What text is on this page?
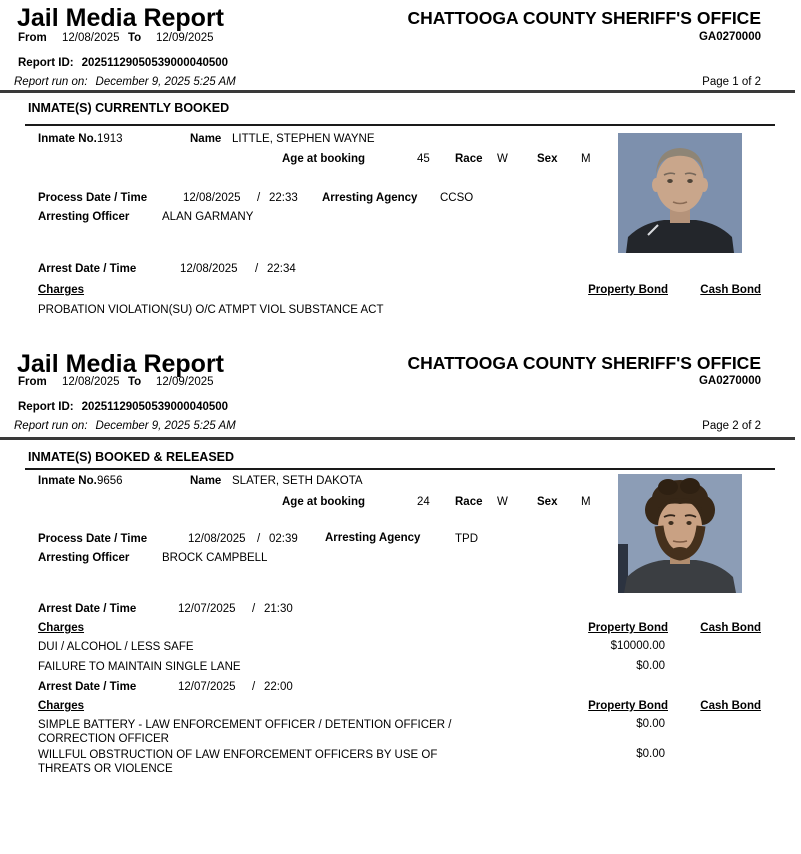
Jail Media Report	CHATTOOGA COUNTY SHERIFF'S OFFICE
From 12/08/2025 To 12/09/2025	GA0270000
Report ID: 20251129050539000040500
Report run on: December 9, 2025 5:25 AM	Page 1 of 2
INMATE(S) CURRENTLY BOOKED
Inmate No. 1913	Name LITTLE, STEPHEN WAYNE
Age at booking	45 Race W	Sex M
Process Date / Time	12/08/2025 / 22:33 Arresting Agency CCSO
Arresting Officer	ALAN GARMANY
Arrest Date / Time	12/08/2025 / 22:34
Charges	Property Bond	Cash Bond
PROBATION VIOLATION(SU) O/C ATMPT VIOL SUBSTANCE ACT
Jail Media Report	CHATTOOGA COUNTY SHERIFF'S OFFICE
From 12/08/2025 To 12/09/2025	GA0270000
Report ID: 20251129050539000040500
Report run on: December 9, 2025 5:25 AM	Page 2 of 2
INMATE(S) BOOKED & RELEASED
Inmate No. 9656	Name SLATER, SETH DAKOTA
Age at booking	24 Race W	Sex M
Process Date / Time	12/08/2025 / 02:39 Arresting Agency	TPD
Arresting Officer	BROCK CAMPBELL
Arrest Date / Time	12/07/2025 / 21:30
Charges	Property Bond	Cash Bond
DUI / ALCOHOL / LESS SAFE	$10000.00
FAILURE TO MAINTAIN SINGLE LANE	$0.00
Arrest Date / Time	12/07/2025 / 22:00
Charges	Property Bond	Cash Bond
SIMPLE BATTERY - LAW ENFORCEMENT OFFICER / DETENTION OFFICER / CORRECTION OFFICER
$0.00
WILLFUL OBSTRUCTION OF LAW ENFORCEMENT OFFICERS BY USE OF THREATS OR VIOLENCE
$0.00
